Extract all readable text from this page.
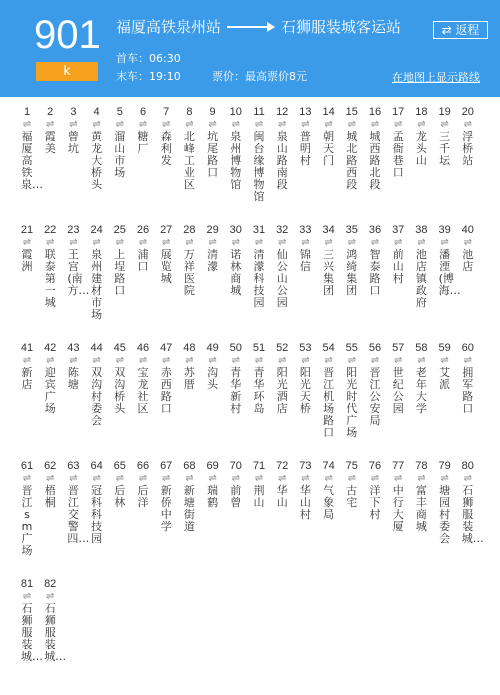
901
k
福厦高铁泉州站	石狮服装城客运站	⇄ 返程
首车：06:30
末车：19:10	票价：最高票价8元	在地图上显示路线
1
⇌
福厦高铁泉…
2
⇌
霞美
3
⇌
曾坑
4
⇌
黄龙大桥头
5
⇌
溜山市场
6
⇌
糖厂
7
⇌
森利发
8
⇌
北峰工业区
9
⇌
坑尾路口
10
⇌
泉州博物馆
11
⇌
闽台缘博物馆
12
⇌
泉山路南段
13
⇌
普明村
14
⇌
朝天门
15
⇌
城北路西段
16
⇌
城西路北段
17
⇌
孟衙巷口
18
⇌
龙头山
19
⇌
三千坛
20
⇌
浮桥站
21
⇌
霞洲
22
⇌
联泰第一城
23
⇌
王宫(南方…
24
⇌
泉州建材市场
25
⇌
上埕路口
26
⇌
浦口
27
⇌
展览城
28
⇌
万祥医院
29
⇌
清濛
30
⇌
诺林商城
31
⇌
清濛科技园
32
⇌
仙公山公园
33
⇌
锦信
34
⇌
三兴集团
35
⇌
鸿绮集团
36
⇌
智泰路口
37
⇌
前山村
38
⇌
池店镇政府
39
⇌
潘湮(博海…
40
⇌
池店
41
⇌
新店
42
⇌
迎宾广场
43
⇌
陈塘
44
⇌
双沟村委会
45
⇌
双沟桥头
46
⇌
宝龙社区
47
⇌
赤西路口
48
⇌
苏厝
49
⇌
沟头
50
⇌
青华新村
51
⇌
青华环岛
52
⇌
阳光酒店
53
⇌
阳光天桥
54
⇌
晋江机场路口
55
⇌
阳光时代广场
56
⇌
晋江公安局
57
⇌
世纪公园
58
⇌
老年大学
59
⇌
艾派
60
⇌
拥军路口
61
⇌
晋江sm广场
62
⇌
梧桐
63
⇌
晋江交警四…
64
⇌
冠科科技园
65
⇌
后林
66
⇌
后洋
67
⇌
新侨中学
68
⇌
新塘街道
69
⇌
瑞鹤
70
⇌
前曾
71
⇌
荆山
72
⇌
华山
73
⇌
华山村
74
⇌
气象局
75
⇌
古宅
76
⇌
洋下村
77
⇌
中行大厦
78
⇌
富丰商城
79
⇌
塘园村委会
80
⇌
石狮服装城…
81
⇌
石狮服装城…
82
⇌
石狮服装城…
